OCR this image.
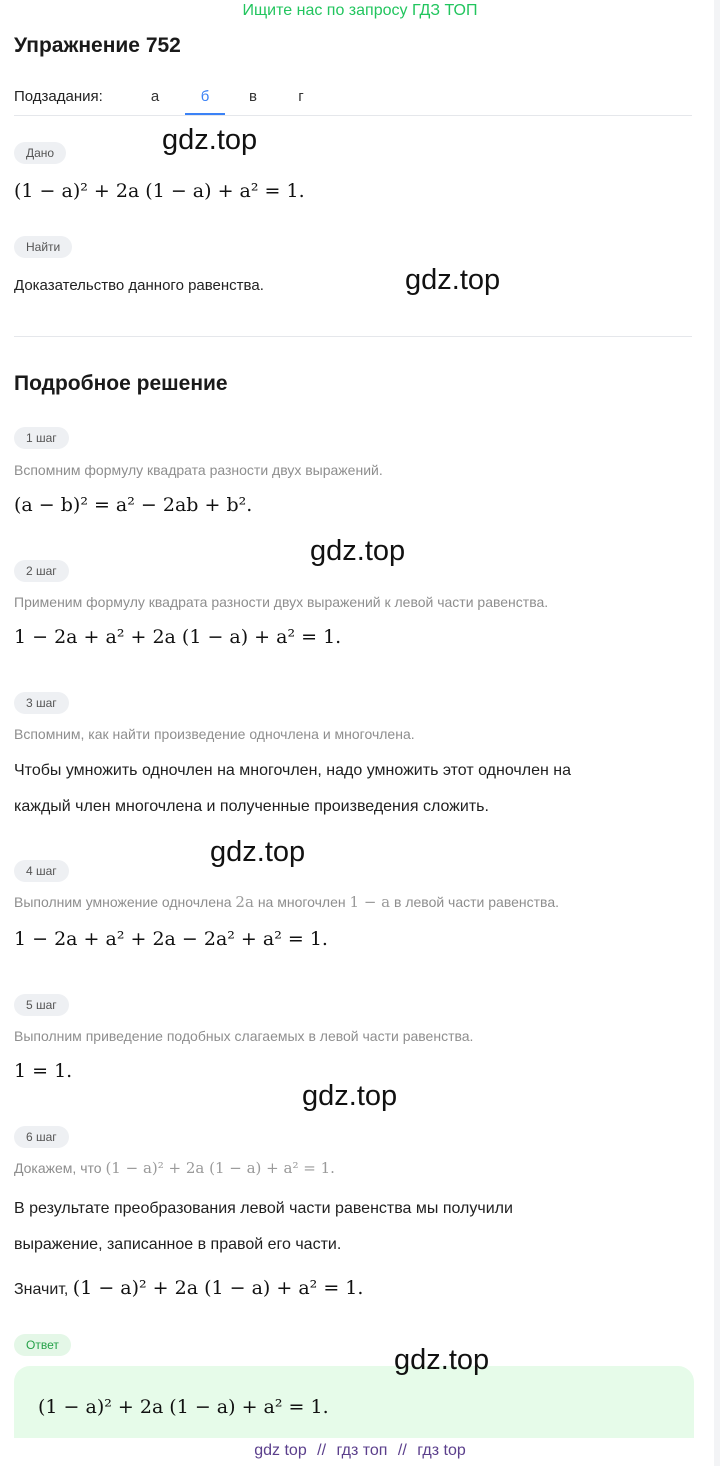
Ищите нас по запросу ГДЗ ТОП
Упражнение 752
Подзадания:	а	б	в	г
Дано
(1 − a)² + 2a (1 − a) + a² = 1.
Найти
Доказательство данного равенства.
Подробное решение
1 шаг
Вспомним формулу квадрата разности двух выражений.
(a − b)² = a² − 2ab + b².
2 шаг
Применим формулу квадрата разности двух выражений к левой части равенства.
1 − 2a + a² + 2a (1 − a) + a² = 1.
3 шаг
Вспомним, как найти произведение одночлена и многочлена.
Чтобы умножить одночлен на многочлен, надо умножить этот одночлен на
каждый член многочлена и полученные произведения сложить.
4 шаг
Выполним умножение одночлена 2a на многочлен 1 − a в левой части равенства.
1 − 2a + a² + 2a − 2a² + a² = 1.
5 шаг
Выполним приведение подобных слагаемых в левой части равенства.
1 = 1.
6 шаг
Докажем, что (1 − a)² + 2a (1 − a) + a² = 1.
В результате преобразования левой части равенства мы получили
выражение, записанное в правой его части.
Значит, (1 − a)² + 2a (1 − a) + a² = 1.
Ответ
(1 − a)² + 2a (1 − a) + a² = 1.
gdz.top
gdz.top
gdz.top
gdz.top
gdz.top
gdz.top
gdz top // гдз топ // гдз top
